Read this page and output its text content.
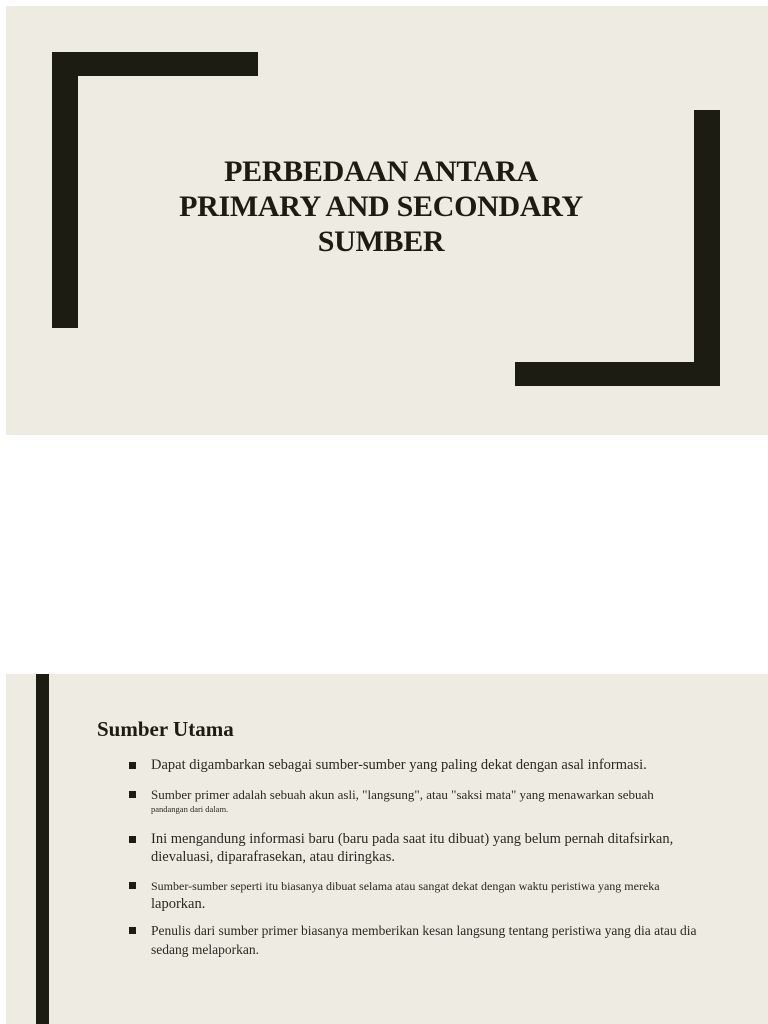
PERBEDAAN ANTARA
PRIMARY AND SECONDARY
SUMBER
Sumber Utama
Dapat digambarkan sebagai sumber-sumber yang paling dekat dengan asal informasi.
Sumber primer adalah sebuah akun asli, "langsung", atau "saksi mata" yang menawarkan sebuah
pandangan dari dalam.
Ini mengandung informasi baru (baru pada saat itu dibuat) yang belum pernah ditafsirkan, dievaluasi, diparafrasekan, atau diringkas.
Sumber-sumber seperti itu biasanya dibuat selama atau sangat dekat dengan waktu peristiwa yang mereka
laporkan.
Penulis dari sumber primer biasanya memberikan kesan langsung tentang peristiwa yang dia atau dia sedang melaporkan.
